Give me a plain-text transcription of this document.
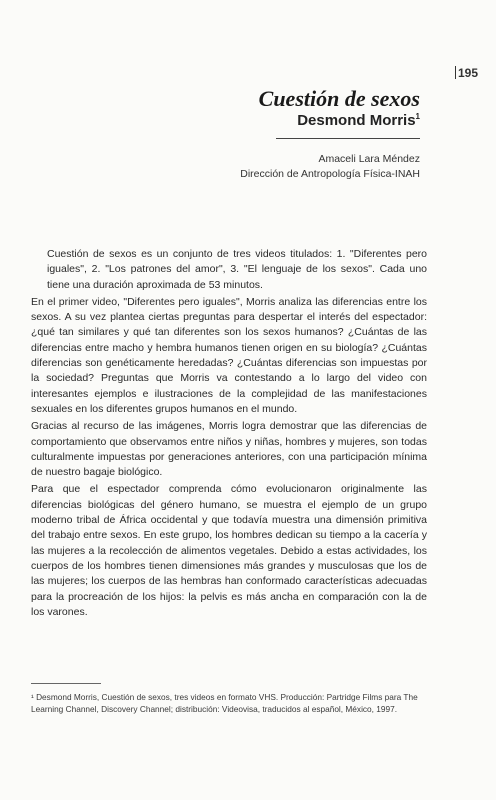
195
Cuestión de sexos
Desmond Morris$^1$
Amaceli Lara Méndez
Dirección de Antropología Física-INAH

Cuestión de sexos es un conjunto de tres videos titulados: 1. "Diferentes pero iguales", 2. "Los patrones del amor", 3. "El lenguaje de los sexos". Cada uno tiene una duración aproximada de 53 minutos.

En el primer video, "Diferentes pero iguales", Morris analiza las diferencias entre los sexos. A su vez plantea ciertas preguntas para despertar el interés del espectador: ¿qué tan similares y qué tan diferentes son los sexos humanos? ¿Cuántas de las diferencias entre macho y hembra humanos tienen origen en su biología? ¿Cuántas diferencias son genéticamente heredadas? ¿Cuántas diferencias son impuestas por la sociedad? Preguntas que Morris va contestando a lo largo del video con interesantes ejemplos e ilustraciones de la complejidad de las manifestaciones sexuales en los diferentes grupos humanos en el mundo.

Gracias al recurso de las imágenes, Morris logra demostrar que las diferencias de comportamiento que observamos entre niños y niñas, hombres y mujeres, son todas culturalmente impuestas por generaciones anteriores, con una participación mínima de nuestro bagaje biológico.

Para que el espectador comprenda cómo evolucionaron originalmente las diferencias biológicas del género humano, se muestra el ejemplo de un grupo moderno tribal de África occidental y que todavía muestra una dimensión primitiva del trabajo entre sexos. En este grupo, los hombres dedican su tiempo a la cacería y las mujeres a la recolección de alimentos vegetales. Debido a estas actividades, los cuerpos de los hombres tienen dimensiones más grandes y musculosas que los de las mujeres; los cuerpos de las hembras han conformado características adecuadas para la procreación de los hijos: la pelvis es más ancha en comparación con la de los varones.

¹ Desmond Morris, Cuestión de sexos, tres videos en formato VHS. Producción: Partridge Films para The Learning Channel, Discovery Channel; distribución: Videovisa, traducidos al español, México, 1997.
